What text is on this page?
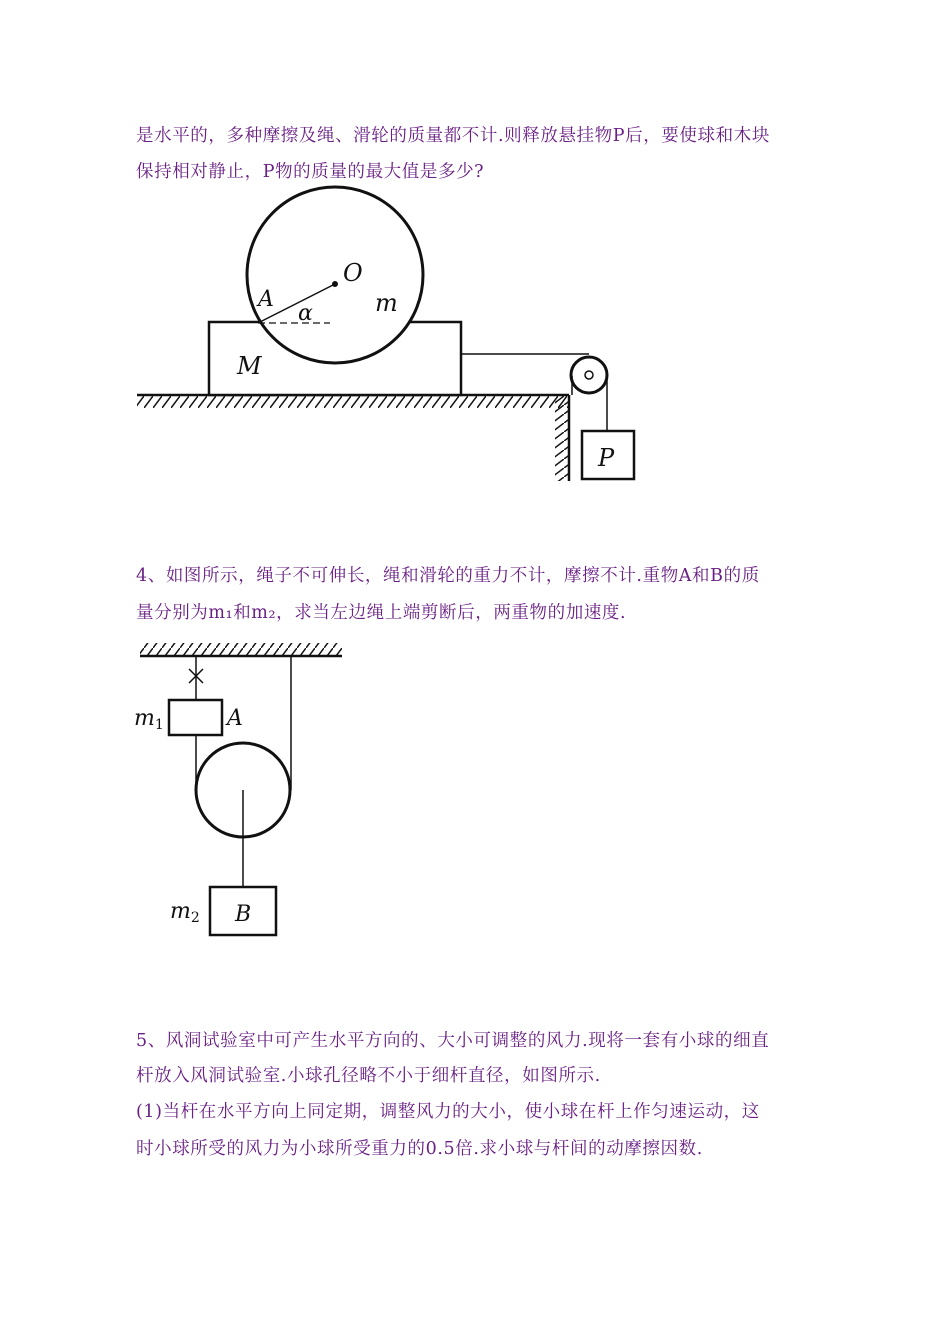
是水平的，多种摩擦及绳、滑轮的质量都不计.则释放悬挂物P后，要使球和木块
保持相对静止，P物的质量的最大值是多少?
O
A
α	m
M
P
m1	A
m2 B
4、如图所示，绳子不可伸长，绳和滑轮的重力不计，摩擦不计.重物A和B的质
量分别为m₁和m₂，求当左边绳上端剪断后，两重物的加速度.
5、风洞试验室中可产生水平方向的、大小可调整的风力.现将一套有小球的细直
杆放入风洞试验室.小球孔径略不小于细杆直径，如图所示.
(1)当杆在水平方向上同定期，调整风力的大小，使小球在杆上作匀速运动，这
时小球所受的风力为小球所受重力的0.5倍.求小球与杆间的动摩擦因数.
